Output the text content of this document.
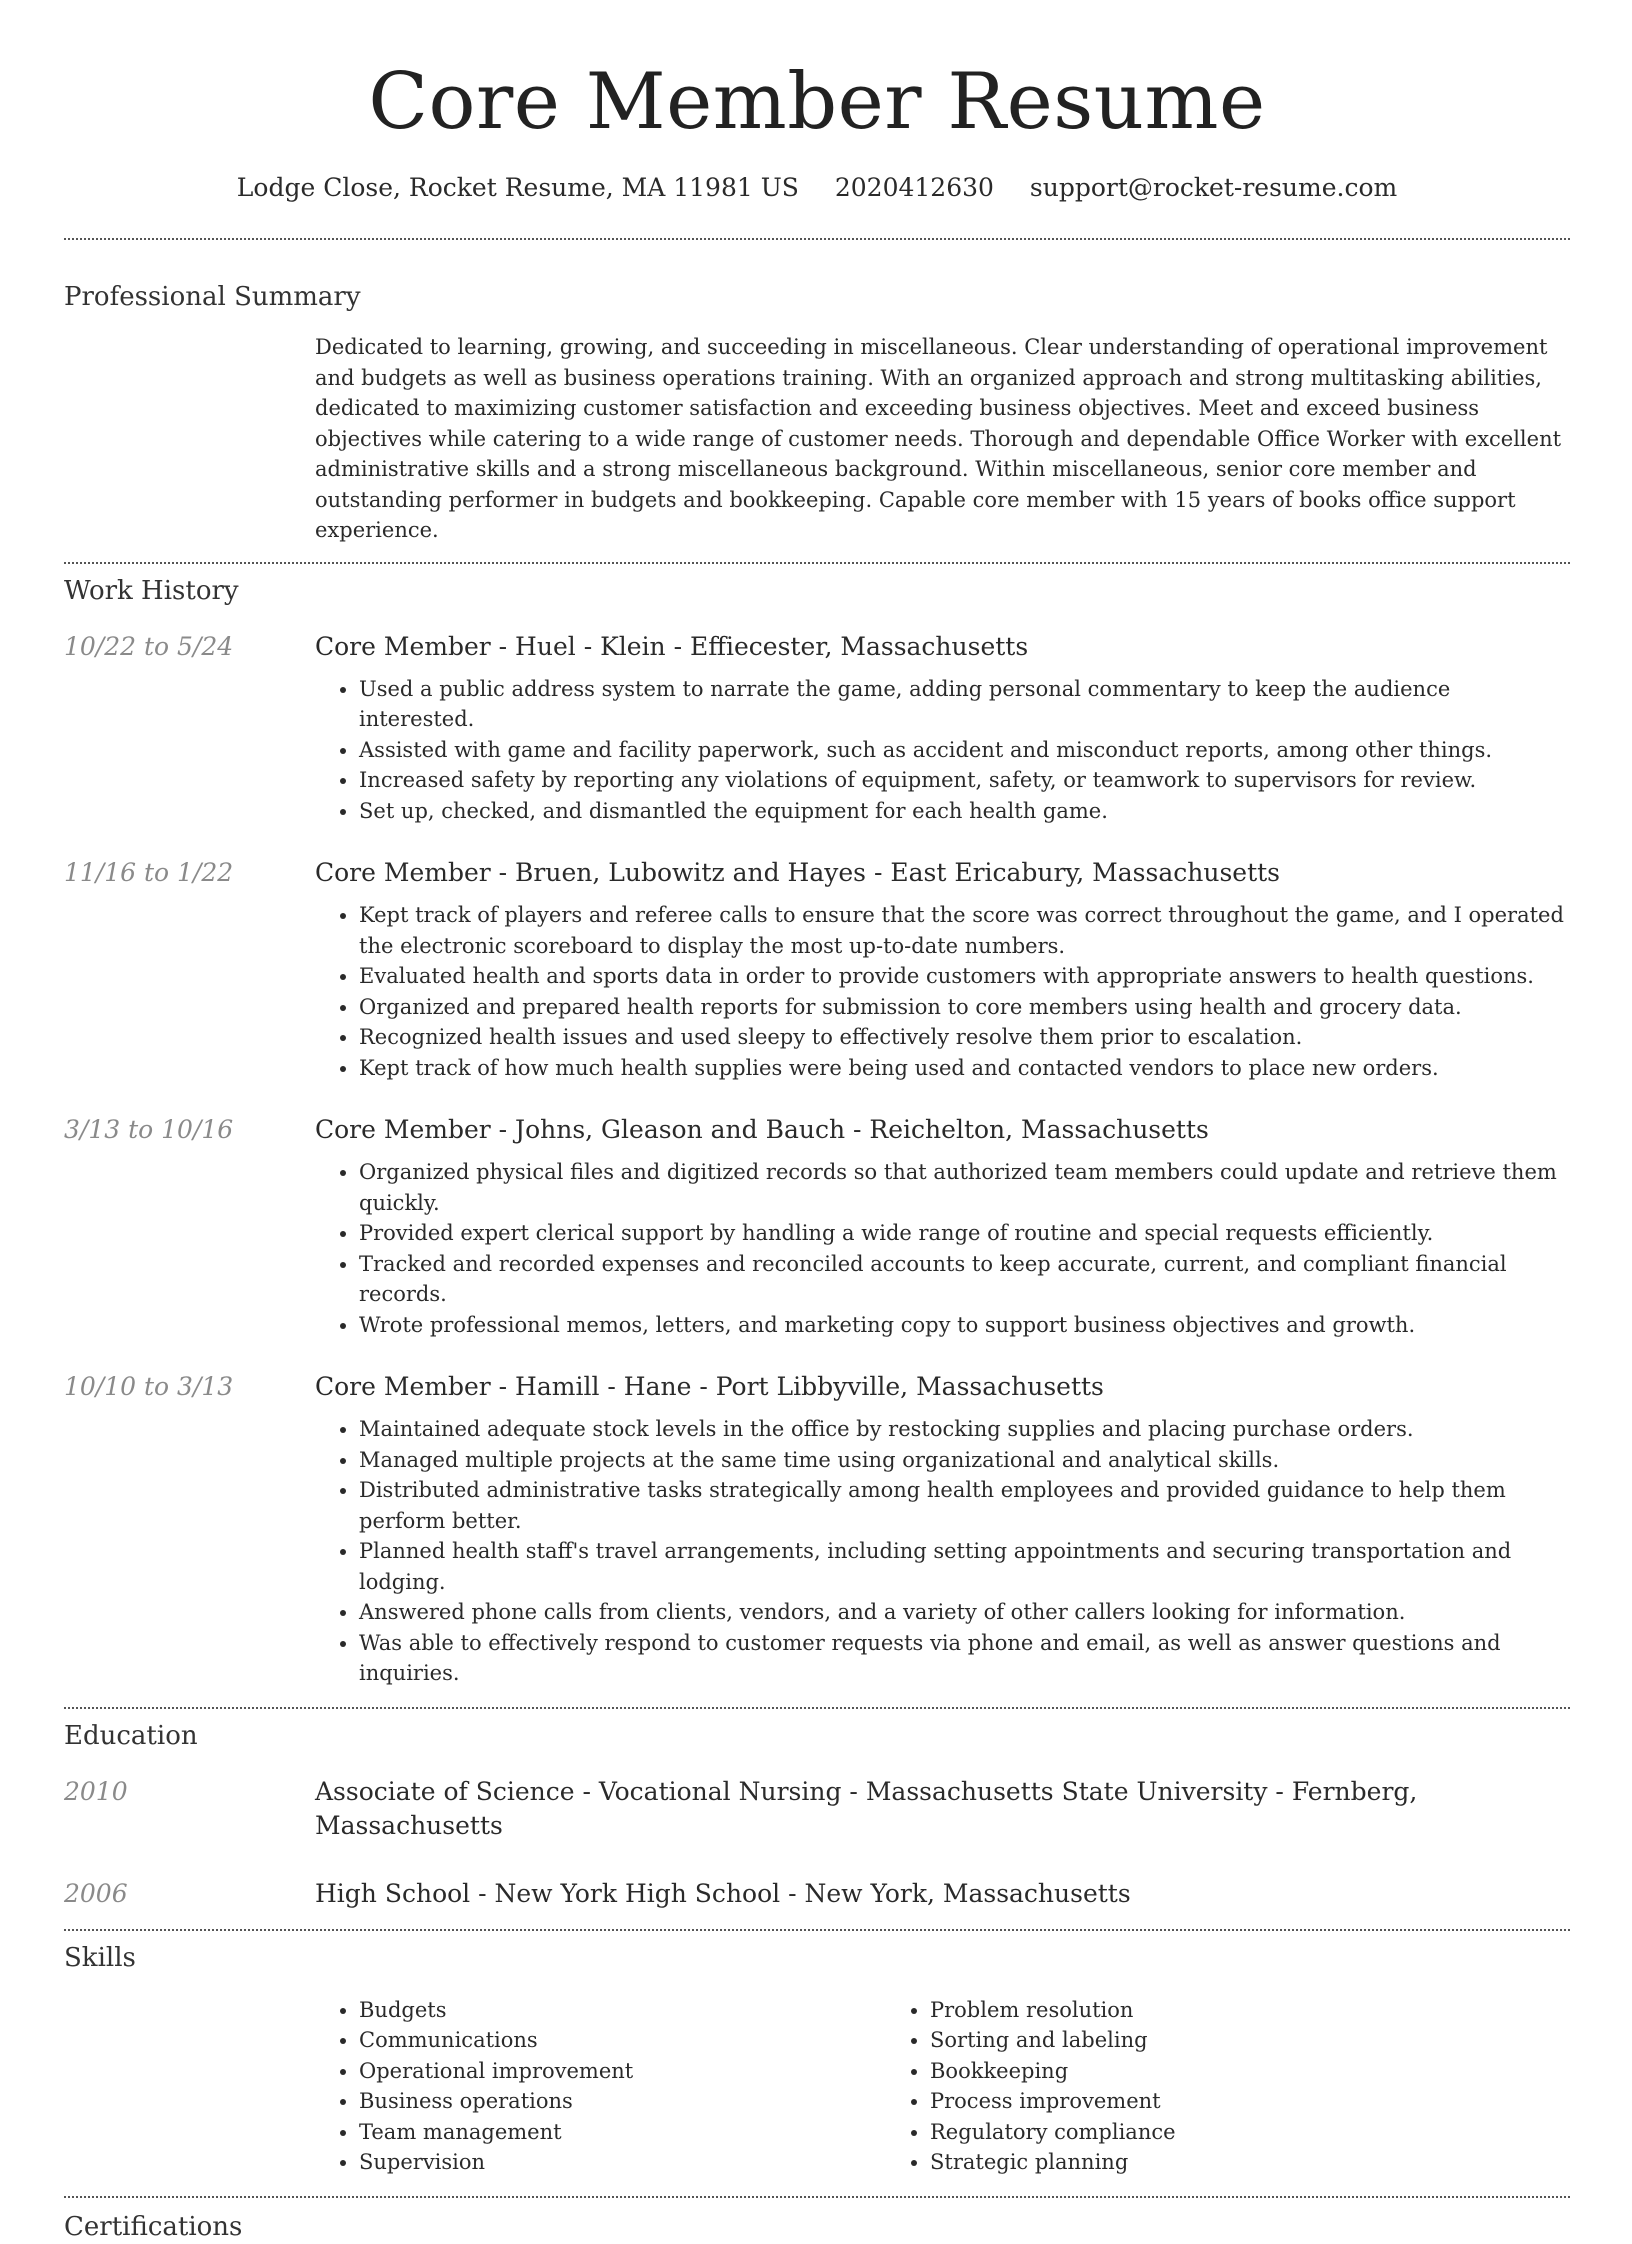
Core Member Resume
Lodge Close, Rocket Resume, MA 11981 US 2020412630 support@rocket-resume.com
Professional Summary
Dedicated to learning, growing, and succeeding in miscellaneous. Clear understanding of operational improvement and budgets as well as business operations training. With an organized approach and strong multitasking abilities, dedicated to maximizing customer satisfaction and exceeding business objectives. Meet and exceed business objectives while catering to a wide range of customer needs. Thorough and dependable Office Worker with excellent administrative skills and a strong miscellaneous background. Within miscellaneous, senior core member and outstanding performer in budgets and bookkeeping. Capable core member with 15 years of books office support experience.
Work History
10/22 to 5/24	Core Member - Huel - Klein - Effiecester, Massachusetts
• Used a public address system to narrate the game, adding personal commentary to keep the audience interested.
• Assisted with game and facility paperwork, such as accident and misconduct reports, among other things.
• Increased safety by reporting any violations of equipment, safety, or teamwork to supervisors for review.
• Set up, checked, and dismantled the equipment for each health game.
11/16 to 1/22	Core Member - Bruen, Lubowitz and Hayes - East Ericabury, Massachusetts
• Kept track of players and referee calls to ensure that the score was correct throughout the game, and I operated the electronic scoreboard to display the most up-to-date numbers.
• Evaluated health and sports data in order to provide customers with appropriate answers to health questions.
• Organized and prepared health reports for submission to core members using health and grocery data.
• Recognized health issues and used sleepy to effectively resolve them prior to escalation.
• Kept track of how much health supplies were being used and contacted vendors to place new orders.
3/13 to 10/16	Core Member - Johns, Gleason and Bauch - Reichelton, Massachusetts
• Organized physical files and digitized records so that authorized team members could update and retrieve them quickly.
• Provided expert clerical support by handling a wide range of routine and special requests efficiently.
• Tracked and recorded expenses and reconciled accounts to keep accurate, current, and compliant financial records.
• Wrote professional memos, letters, and marketing copy to support business objectives and growth.
10/10 to 3/13	Core Member - Hamill - Hane - Port Libbyville, Massachusetts
• Maintained adequate stock levels in the office by restocking supplies and placing purchase orders.
• Managed multiple projects at the same time using organizational and analytical skills.
• Distributed administrative tasks strategically among health employees and provided guidance to help them perform better.
• Planned health staff's travel arrangements, including setting appointments and securing transportation and lodging.
• Answered phone calls from clients, vendors, and a variety of other callers looking for information.
• Was able to effectively respond to customer requests via phone and email, as well as answer questions and inquiries.
Education
2010	Associate of Science - Vocational Nursing - Massachusetts State University - Fernberg, Massachusetts
2006	High School - New York High School - New York, Massachusetts
Skills
• Budgets
• Communications
• Operational improvement
• Business operations
• Team management
• Supervision
• Problem resolution
• Sorting and labeling
• Bookkeeping
• Process improvement
• Regulatory compliance
• Strategic planning
Certifications
